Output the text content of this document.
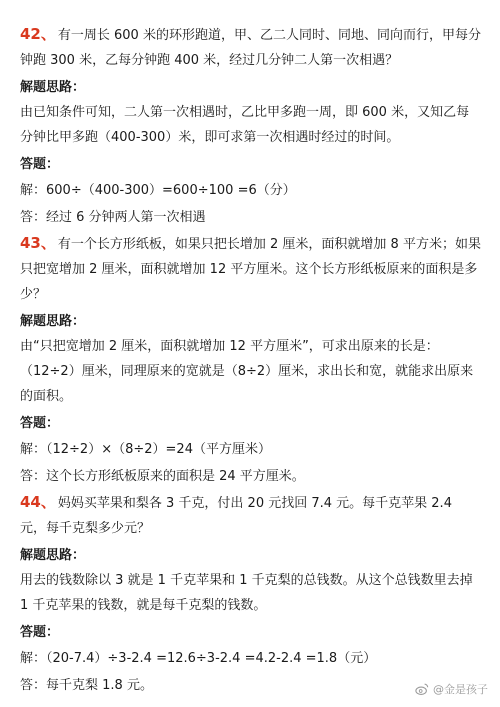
42、 有一周长 600 米的环形跑道，甲、乙二人同时、同地、同向而行，甲每分钟跑 300 米，乙每分钟跑 400 米，经过几分钟二人第一次相遇？

解题思路：

由已知条件可知，二人第一次相遇时，乙比甲多跑一周，即 600 米，又知乙每分钟比甲多跑（400-300）米，即可求第一次相遇时经过的时间。

答题：

解：600÷（400-300）=600÷100 =6（分）

答：经过 6 分钟两人第一次相遇

43、 有一个长方形纸板，如果只把长增加 2 厘米，面积就增加 8 平方米；如果只把宽增加 2 厘米，面积就增加 12 平方厘米。这个长方形纸板原来的面积是多少？

解题思路：

由“只把宽增加 2 厘米，面积就增加 12 平方厘米”，可求出原来的长是：（12÷2）厘米，同理原来的宽就是（8÷2）厘米，求出长和宽，就能求出原来的面积。

答题：

解：（12÷2）×（8÷2）=24（平方厘米）

答：这个长方形纸板原来的面积是 24 平方厘米。

44、 妈妈买苹果和梨各 3 千克，付出 20 元找回 7.4 元。每千克苹果 2.4 元，每千克梨多少元？

解题思路：

用去的钱数除以 3 就是 1 千克苹果和 1 千克梨的总钱数。从这个总钱数里去掉 1 千克苹果的钱数，就是每千克梨的钱数。

答题：

解：（20-7.4）÷3-2.4 =12.6÷3-2.4 =4.2-2.4 =1.8（元）

答：每千克梨 1.8 元。	@金是孩子
